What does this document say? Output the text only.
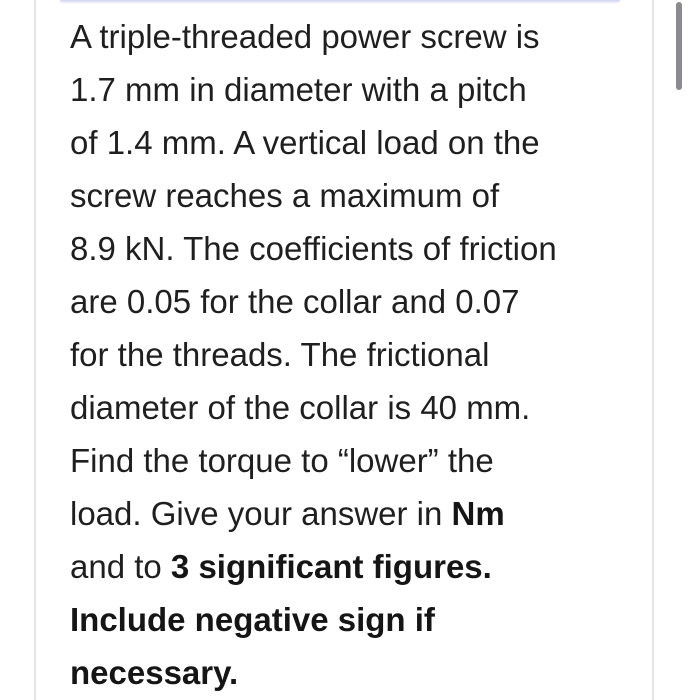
A triple-threaded power screw is
1.7 mm in diameter with a pitch
of 1.4 mm. A vertical load on the
screw reaches a maximum of
8.9 kN. The coefficients of friction
are 0.05 for the collar and 0.07
for the threads. The frictional
diameter of the collar is 40 mm.
Find the torque to “lower” the
load. Give your answer in Nm
and to 3 significant figures.
Include negative sign if
necessary.
